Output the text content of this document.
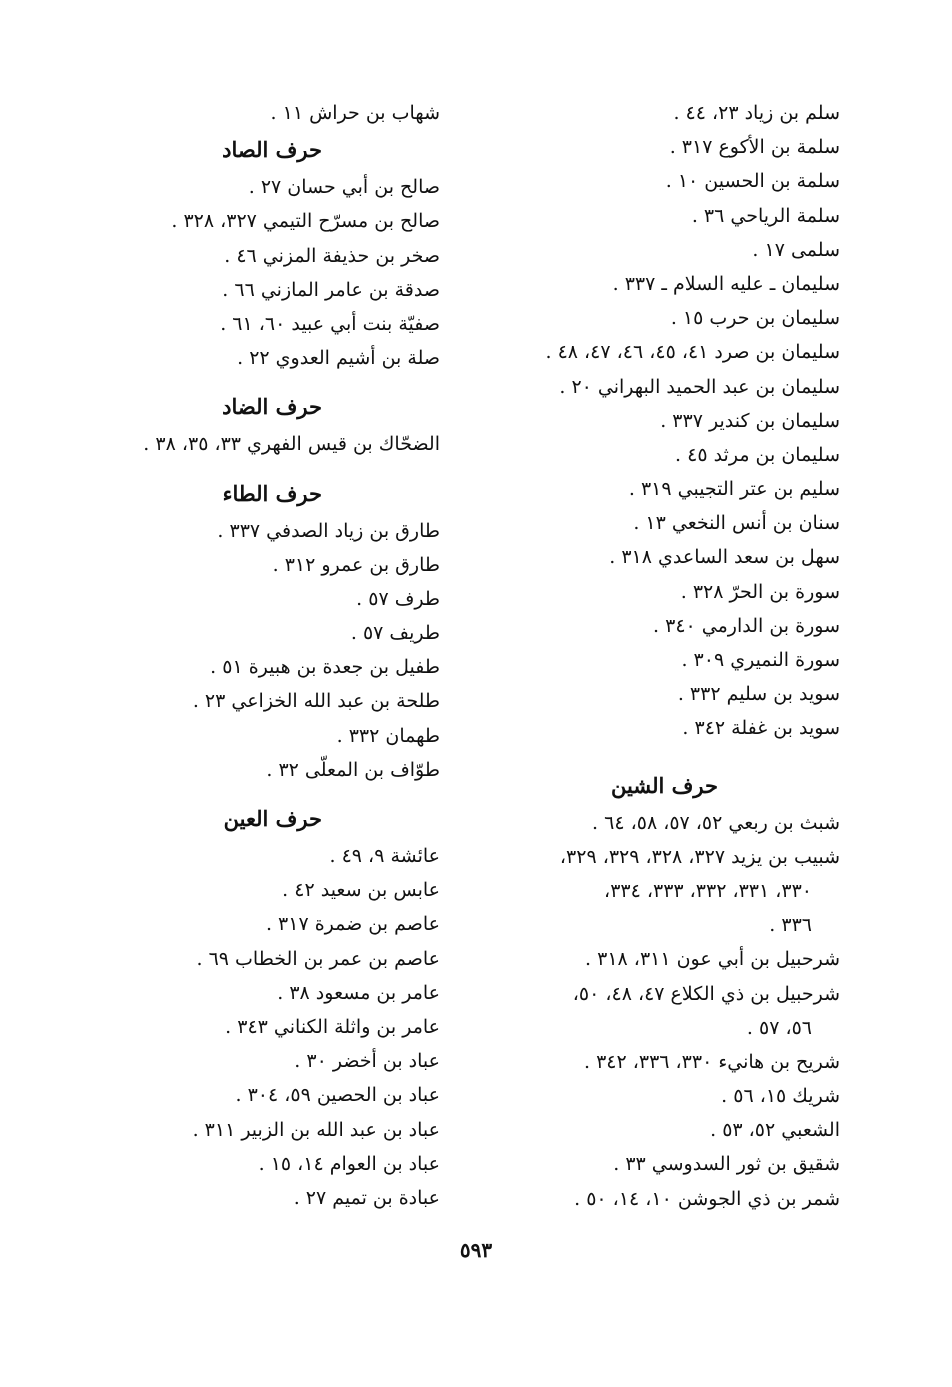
سلم بن زياد ٢٣، ٤٤ .
سلمة بن الأكوع ٣١٧ .
سلمة بن الحسين ١٠ .
سلمة الرياحي ٣٦ .
سلمى ١٧ .
سليمان ـ عليه السلام ـ ٣٣٧ .
سليمان بن حرب ١٥ .
سليمان بن صرد ٤١، ٤٥، ٤٦، ٤٧، ٤٨ .
سليمان بن عبد الحميد البهراني ٢٠ .
سليمان بن كندير ٣٣٧ .
سليمان بن مرثد ٤٥ .
سليم بن عتر التجيبي ٣١٩ .
سنان بن أنس النخعي ١٣ .
سهل بن سعد الساعدي ٣١٨ .
سورة بن الحرّ ٣٢٨ .
سورة بن الدارمي ٣٤٠ .
سورة النميري ٣٠٩ .
سويد بن سليم ٣٣٢ .
سويد بن غفلة ٣٤٢ .
حرف الشين
شبث بن ربعي ٥٢، ٥٧، ٥٨، ٦٤ .
شبيب بن يزيد ٣٢٧، ٣٢٨، ٣٢٩، ٣٢٩،
٣٣٠، ٣٣١، ٣٣٢، ٣٣٣، ٣٣٤،
٣٣٦ .
شرحبيل بن أبي عون ٣١١، ٣١٨ .
شرحبيل بن ذي الكلاع ٤٧، ٤٨، ٥٠،
٥٦، ٥٧ .
شريح بن هانيء ٣٣٠، ٣٣٦، ٣٤٢ .
شريك ١٥، ٥٦ .
الشعبي ٥٢، ٥٣ .
شقيق بن ثور السدوسي ٣٣ .
شمر بن ذي الجوشن ١٠، ١٤، ٥٠ .
شهاب بن حراش ١١ .
حرف الصاد
صالح بن أبي حسان ٢٧ .
صالح بن مسرّح التيمي ٣٢٧، ٣٢٨ .
صخر بن حذيفة المزني ٤٦ .
صدقة بن عامر المازني ٦٦ .
صفيّة بنت أبي عبيد ٦٠، ٦١ .
صلة بن أشيم العدوي ٢٢ .
حرف الضاد
الضحّاك بن قيس الفهري ٣٣، ٣٥، ٣٨ .
حرف الطاء
طارق بن زياد الصدفي ٣٣٧ .
طارق بن عمرو ٣١٢ .
طرف ٥٧ .
طريف ٥٧ .
طفيل بن جعدة بن هبيرة ٥١ .
طلحة بن عبد الله الخزاعي ٢٣ .
طهمان ٣٣٢ .
طوّاف بن المعلّى ٣٢ .
حرف العين
عائشة ٩، ٤٩ .
عابس بن سعيد ٤٢ .
عاصم بن ضمرة ٣١٧ .
عاصم بن عمر بن الخطاب ٦٩ .
عامر بن مسعود ٣٨ .
عامر بن واثلة الكناني ٣٤٣ .
عباد بن أخضر ٣٠ .
عباد بن الحصين ٥٩، ٣٠٤ .
عباد بن عبد الله بن الزبير ٣١١ .
عباد بن العوام ١٤، ١٥ .
عبادة بن تميم ٢٧ .
٥٩٣
